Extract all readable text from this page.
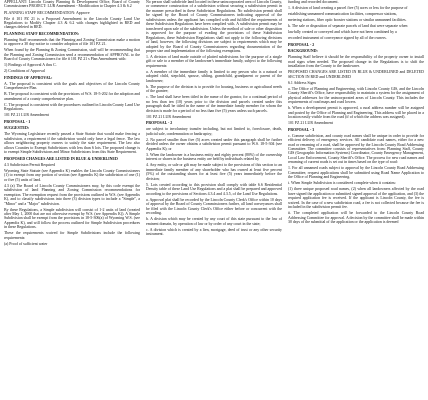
APPELLANT: Lincoln County Planning & Development Office, Board of County Commissioners PROJECT: LUR Amendment - Modification to Chapter 4.3 & 6.2

PLANNING STAFF RECOMMENDATION: Approve

File # 101 PZ 21 is a Proposed Amendment to the Lincoln County Land Use Regulations to Modify Chapter 4.3 & 6.2 with changes highlighted in RED and changes deleted in RED.

PLANNING STAFF RECOMMENDATION:

Planning Staff recommends that the Planning and Zoning Commission make a motion to approve a 30 day notice to consider adoption of file 101 PZ 21.

When found by the Planning & Zoning Commission, staff will be recommending that the Planning and Zoning Commission send a recommendation of APPROVAL to the Board of County Commissioners for file # 101 PZ 21 s Plan Amendment with:

1) Findings of Approval A thru C.

2) Conditions of Approval

FINDINGS OF APPROVAL:

A. The proposal is consistent with the goals and objectives of the Lincoln County Comprehensive Plan.

B. The proposal is consistent with the provisions of W.S. 18-5-202 for the adoption and amendment of a county comprehensive plan.

C. The proposal is consistent with the procedures outlined in Lincoln County Land Use Regulations.

101 PZ 21 LUR Amendment

PROPOSAL - 1

SUGGESTED:

The Wyoming Legislature recently passed a State Statute that would make fencing a subdivision, a requirement if the subdivision would only have a legal fence. The law allows neighboring property owners to satisfy the state requirement. The law also allows Counties to Exempt Subdivisions with less than 6 lots. The proposed change is to exempt Simple Subdivisions and Minor Subdivisions from this State Requirement.

PROPOSED CHANGES ARE LISTED IN BLUE & UNDERLINED

4.3 Subdivision Permit Required

Wyoming State Statute (see Appendix K) enables the Lincoln County Commissioners (1) to exempt from any portion of section (see Appendix K) the subdivision of one (1) or five (5) units of land.

4.3 (a) The Board of Lincoln County Commissioners may, by this code exempt the subdivision of land Planning and Zoning Commission recommendations for exemption. The exemption request from the provisions outlined in W.S. (see Appendix K), and to classify subdivisions into three (3) division types to include a "Simple", a "Minor" and a "Major" subdivision.

By these Regulations, a Simple subdivision will consist of 1-2 units of land (created after May 1, 2000 that are not otherwise exempt by W.S. (see Appendix K)). A Simple Subdivision shall be exempt from the provisions in 18-5-306(a) of Wyoming W.S. (see Appendix K), and will follow the process outlined for Simple Subdivision procedures in these Regulations.

These the requirements waived for Simple Subdivisions include the following requirements:

(a) Proof of sufficient water

No person shall subdivide land located in these unincorporated area of Lincoln County, or commence construction of a subdivision without securing a subdivision permit in the manner prescribed in these Subdivision Regulations. No subdivision permit shall be signed by the Board of County Commissioners indicating approval of the subdivisions unless the applicant has complied with and fulfilled the requirements of these Subdivision Regulations have been complied with. A subdivision permit may be transferred upon sale of the subdivision. Unless the method of sale or other disposition is approved for the purpose of evading the provisions of these Subdivision Regulations, these Subdivision Regulations shall not apply to the following divisions of land, however, the following divisions are subject to requirements which may be adopted by the Board of County Commissioners regarding documentation of the proper size and implementation of the following exemptions.

1. A division of land made outside of platted subdivisions for the purpose of a single gift or sale to a member of the landowner's immediate family, subject to the following requirements:

a. A member of the immediate family is limited to any person who is a natural or adopted child, stepchild, spouse, sibling, grandchild, grandparent or parent of the landowner;

b. The purpose of the division is to provide for housing, business or agricultural needs of the grantee;

c. The land shall have been titled in the name of the grantor, for a continual period of no less than ten (10) years prior to the division and parcels created under this paragraph shall be titled in the name of the immediate family member for whom the division is made for a period of no less than five (5) years unless such parcels.

101 PZ 21 LUR Amendment

PROPOSAL - 2

are subject to involuntary transfer including, but not limited to, foreclosure, death, judicial sale, condemnation or bankruptcy;

2. No parcel smaller than five (5) acres created under this paragraph shall be further divided unless the owner obtains a subdivision permit pursuant to W.S. 18-5-304 (see Appendix K); or

3. When the landowner is a business entity and eighty percent (80%) of the ownership interest or shares in the business entity are held by individuals related by

4. Any entity, or sale or gift may be made subject to the provisions of this section to an immediate family member of any shareholder who has owned at least five percent (5%) of the outstanding shares for at least five (5) years immediately before the division;

5. Lots created according to this provision shall comply with table 6.6 Residential Density table of these Land Use Regulations and a plat shall be prepared and approved according to the provisions of Sections 4.3.4 and 4.3.5, of the Land Use Regulations.

a. Approval plat shall be recorded by the Lincoln County Clerk's Office within 10 days of approval by the Board of County Commissioners further, all land conveyances shall be filed with the Lincoln County Clerk's Office either before or concurrent with the recording.

b. A division which may be created by any court of this state pursuant to the law of eminent domain, by operation of law or by order of any court in the state;

c. A division which is created by a lien, mortgage, deed of trust or any other security instrument.

funding and recorded document.

1. A division of land creating a parcel five (5) acres or less for the purpose of

establishing unmanned communication facilities, compressor stations,

metering stations, fiber optic booster stations or similar unmanned facilities.

k. The sale or disposition of separate parcels of land that were separate when

lawfully created or conveyed and which have not been combined by a

recorded instrument of conveyance signed by all of the owners.

PROPOSAL - 2

BACKGROUND:

Planning Staff believe it should be the responsibility of the property owner to install road signs when needed. The proposed change in the Regulations is to shift the installation from the County to the landowner.

PROPOSED CHANGES ARE LISTED IN BLUE & UNDERLINED and DELETED SECTION IN RED and UNDERLINED

6.1 Address Signs

a. The Office of Planning and Engineering, with Lincoln County GIS, and the Lincoln County Sheriff's Office, have responsibility to maintain a system for the assignment of physical addresses for the unincorporated areas of Lincoln County. This includes the requirements of road maps and road lowers.

b. When a development permit is approved, a rural address number will be assigned and posted by the Office of Planning and Engineering. This address will be placed in a location easily visible from the road (if of which the address was assigned).

101 PZ 21 LUR Amendment

PROPOSAL - 3

c. Comme subdivision, and county road names shall be unique in order to provide for efficient delivery of emergency services. All candidate road names, either for a new road or renaming of a road, shall be approved by the Lincoln County Road Addressing Committee. The committee consists of representatives from: Planning Staff, County GIS (Geographic Information Systems) Coordinator, County Emergency Management, Local Law Enforcement, County Sheriff's Office. The process for new road names and renaming of current roads is set out in times based on the type of road:

1. For all unnamed roads subject to approval by the Lincoln County Road Addressing Committee, request applications shall be submitted using Road Name Application to the Office of Planning and Engineering.

i. When Simple Subdivision is considered complete when it contains:

(1) three unique proposed road names, (2) when all landowners affected by the road have signed the application or submitted signed approval of the application, and (3) the required application fee is received. If the applicant is Lincoln County, the fee is waived. In the case of a new subdivision road, a fee is not collected because the fee is included in the subdivision permit fee.

ii. The completed application will be forwarded to the Lincoln County Road Addressing Committee for approval. A decision by the committee shall be made within 30 days of the submittal of the application or the application is deemed
